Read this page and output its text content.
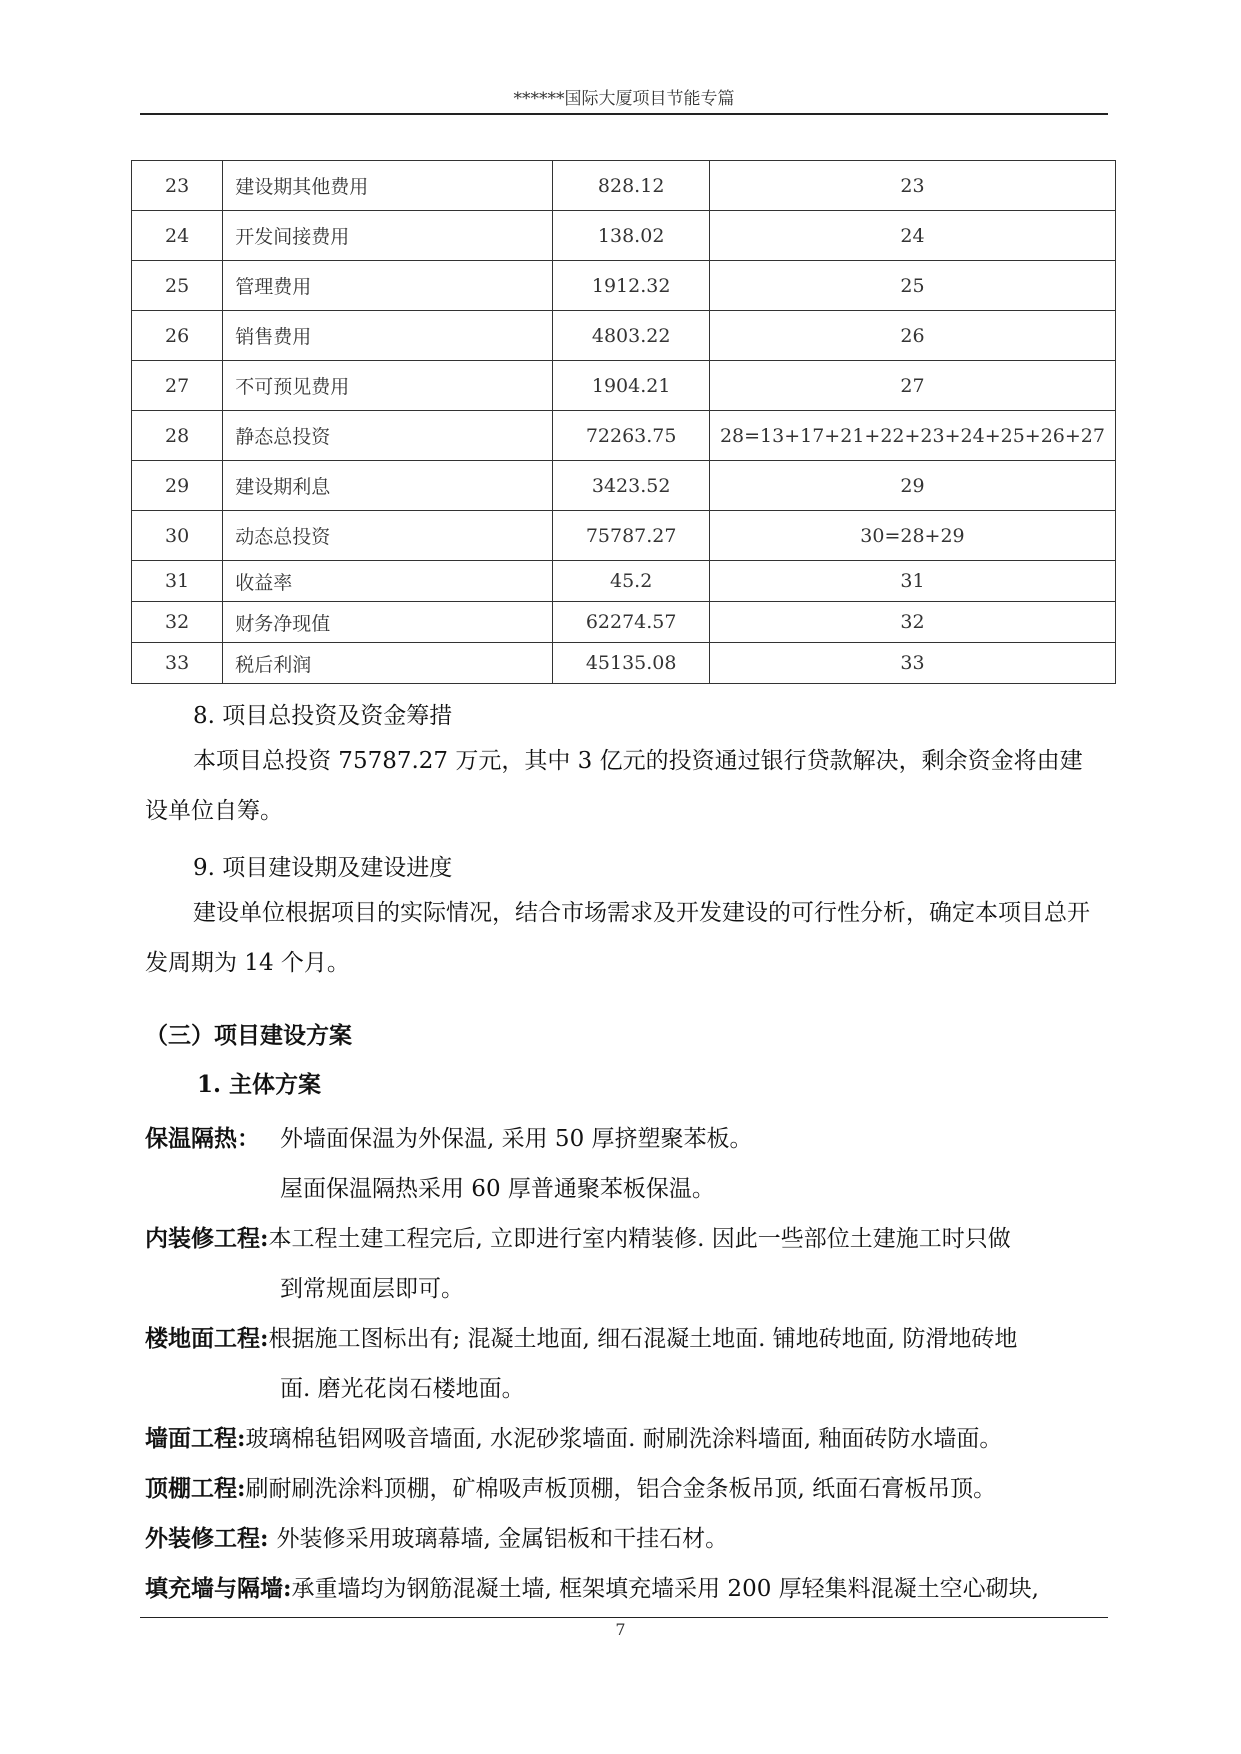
******国际大厦项目节能专篇
23	建设期其他费用	828.12	23
24	开发间接费用	138.02	24
25	管理费用	1912.32	25
26	销售费用	4803.22	26
27	不可预见费用	1904.21	27
28	静态总投资	72263.75	28=13+17+21+22+23+24+25+26+27
29	建设期利息	3423.52	29
30	动态总投资	75787.27	30=28+29
31	收益率	45.2	31
32	财务净现值	62274.57	32
33	税后利润	45135.08	33

8. 项目总投资及资金筹措

本项目总投资 75787.27 万元，其中 3 亿元的投资通过银行贷款解决，剩余资金将由建设单位自筹。

9. 项目建设期及建设进度

建设单位根据项目的实际情况，结合市场需求及开发建设的可行性分析，确定本项目总开发周期为 14 个月。

（三）项目建设方案
1. 主体方案
保温隔热： 外墙面保温为外保温, 采用 50 厚挤塑聚苯板。
屋面保温隔热采用 60 厚普通聚苯板保温。
内装修工程: 本工程土建工程完后, 立即进行室内精装修. 因此一些部位土建施工时只做
到常规面层即可。
楼地面工程: 根据施工图标出有; 混凝土地面, 细石混凝土地面. 铺地砖地面, 防滑地砖地
面. 磨光花岗石楼地面。
墙面工程: 玻璃棉毡铝网吸音墙面, 水泥砂浆墙面. 耐刷洗涂料墙面, 釉面砖防水墙面。
顶棚工程: 刷耐刷洗涂料顶棚，矿棉吸声板顶棚，铝合金条板吊顶, 纸面石膏板吊顶。
外装修工程: 外装修采用玻璃幕墙, 金属铝板和干挂石材。
填充墙与隔墙: 承重墙均为钢筋混凝土墙, 框架填充墙采用 200 厚轻集料混凝土空心砌块,
7
